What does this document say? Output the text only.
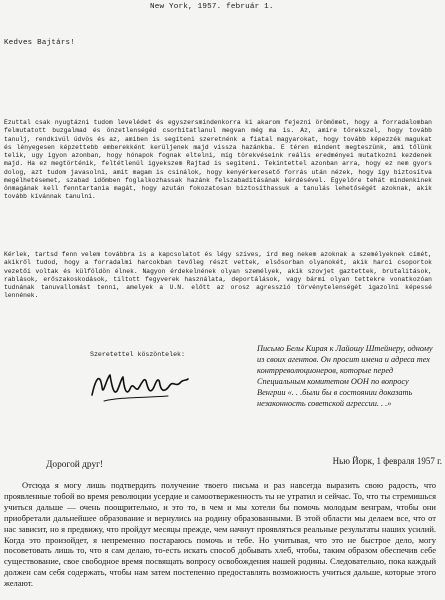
New York, 1957. február 1.
Kedves Bajtárs!

Ezuttal csak nyugtázni tudom levelédet és egyszersmindenkorra ki akarom fejezni örömömet, hogy a forradalomban felmutatott buzgalmad és önzetlenségéd csorbítatlanul megvan még ma is. Az, amire törekszel, hogy tovább tanulj, rendkivül üdvös és az, amiben is segíteni szeretnénk a fiatal magyarokat, hogy tovább képezzék magukat és lényegesen képzettebb emberekként kerüljenek majd vissza hazánkba. E téren mindent megteszünk, ami tőlünk telik, ugy igyon azonban, hogy hónapok fognak eltelni, míg törekvéseink reális eredményei mutatkozni kezdenek majd. Ha ez megtörténik, feltétlenül igyekszem Rajtad is segíteni. Tekintettel azonban arra, hogy ez nem gyors dolog, azt tudom javasolni, amit magam is csinálok, hogy kenyérkeresető forrás után nézek, hogy így biztosítva megélhetésemet, szabad időmben foglalkozhassak hazánk felszabadításának kérdésével. Egyelőre tehát mindenkinek önmagának kell fenntartania magát, hogy azután fokozatosan biztosíthassuk a tanulás lehetőségét azoknak, akik tovább kívánnak tanulni.

Kérlek, tartsd fenn velem továbbra is a kapcsolatot és légy szíves, írd meg nekem azoknak a személyeknek címét, akikről tudod, hogy a forradalmi harcokban tevőleg részt vettek, elsősorban olyanokét, akik harci csoportok vezetői voltak és külföldön élnek. Nagyon érdekelnének olyan személyek, akik szovjet gaztettek, brutalitások, rablások, erőszakoskodások, tiltott fegyverek használata, deportálások, vagy bármi olyan tettekre vonatkozóan tudnának tanuvallomást tenni, amelyek a U.N. előtt az orosz agresszió törvénytelenségét igazolni képessé lennének.

Szeretettel köszöntelek:

Письмо Белы Кирая к Лайошу Штейнеру, одному из своих агентов. Он просит имена и адреса тех контрреволюционеров, которые перед Специальным комитетом ООН по вопросу Венгрии «. . .были бы в состоянии доказать незаконность советской агрессии. . .»

Дорогой друг!	Нью Йорк, 1 февраля 1957 г.

Отсюда я могу лишь подтвердить получение твоего письма и раз навсегда выразить свою радость, что проявленные тобой во время революции усердие и самоотверженность ты не утратил и сейчас. То, что ты стремишься учиться дальше — очень поощрительно, и это то, в чем и мы хотели бы помочь молодым венграм, чтобы они приобретали дальнейшее образование и вернулись на родину образованными. В этой области мы делаем все, что от нас зависит, но я предвижу, что пройдут месяцы прежде, чем начнут проявляться реальные результаты наших усилий. Когда это произойдет, я непременно постараюсь помочь и тебе. Но учитывая, что это не быстрое дело, могу посоветовать лишь то, что я сам делаю, то-есть искать способ добывать хлеб, чтобы, таким образом обеспечив себе существование, свое свободное время посвящать вопросу освобождения нашей родины. Следовательно, пока каждый должен сам себя содержать, чтобы нам затем постепенно предоставлять возможность учиться дальше, которые этого желают.
